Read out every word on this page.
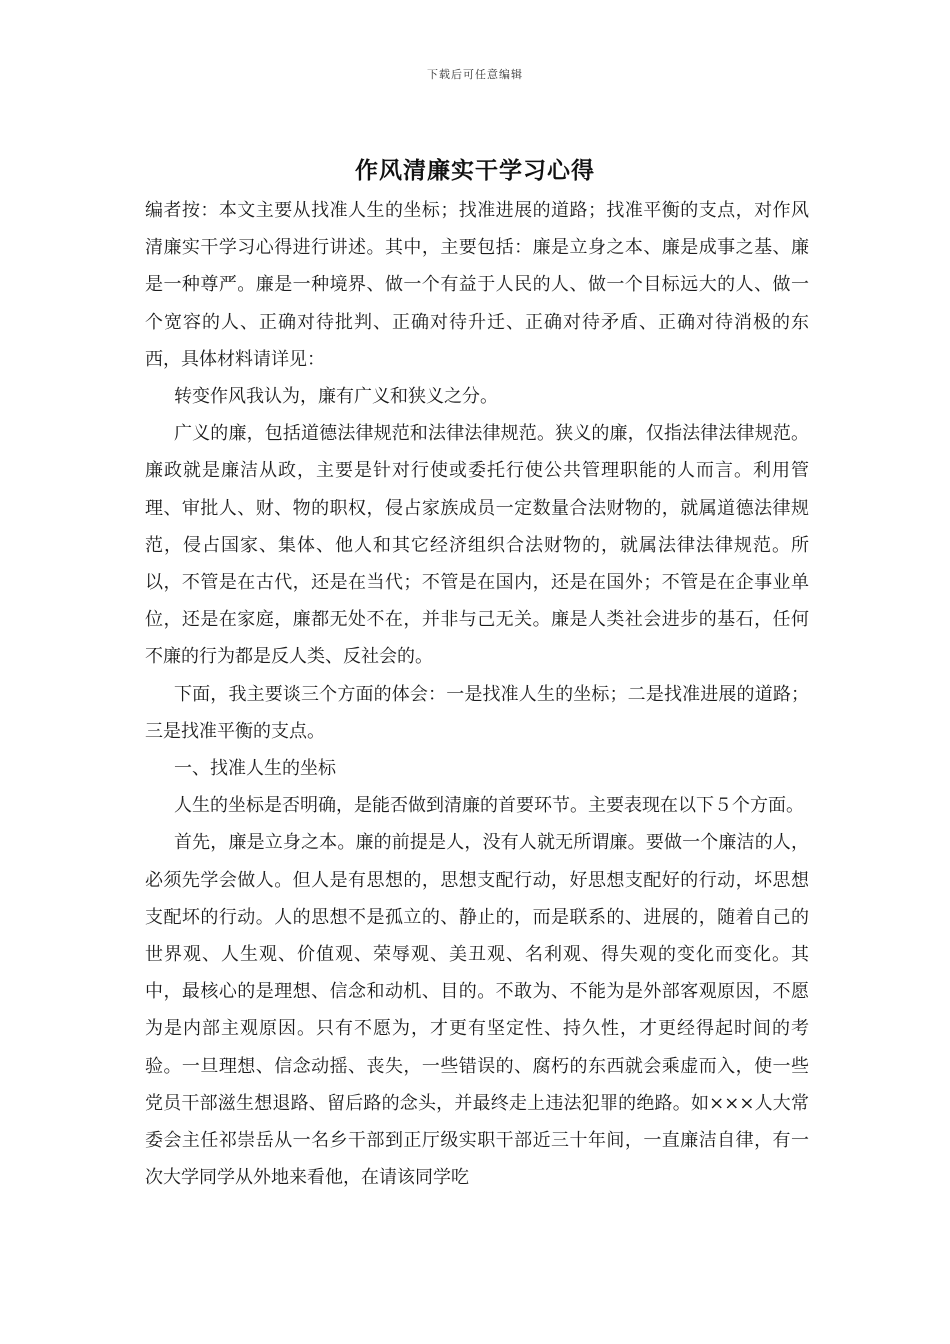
下载后可任意编辑
作风清廉实干学习心得

编者按：本文主要从找准人生的坐标；找准进展的道路；找准平衡的支点，对作风清廉实干学习心得进行讲述。其中，主要包括：廉是立身之本、廉是成事之基、廉是一种尊严。廉是一种境界、做一个有益于人民的人、做一个目标远大的人、做一个宽容的人、正确对待批判、正确对待升迁、正确对待矛盾、正确对待消极的东西，具体材料请详见：

转变作风我认为，廉有广义和狭义之分。

广义的廉，包括道德法律规范和法律法律规范。狭义的廉，仅指法律法律规范。廉政就是廉洁从政，主要是针对行使或委托行使公共管理职能的人而言。利用管理、审批人、财、物的职权，侵占家族成员一定数量合法财物的，就属道德法律规范，侵占国家、集体、他人和其它经济组织合法财物的，就属法律法律规范。所以，不管是在古代，还是在当代；不管是在国内，还是在国外；不管是在企事业单位，还是在家庭，廉都无处不在，并非与己无关。廉是人类社会进步的基石，任何不廉的行为都是反人类、反社会的。

下面，我主要谈三个方面的体会：一是找准人生的坐标；二是找准进展的道路；三是找准平衡的支点。

一、找准人生的坐标

人生的坐标是否明确，是能否做到清廉的首要环节。主要表现在以下５个方面。

首先，廉是立身之本。廉的前提是人，没有人就无所谓廉。要做一个廉洁的人，必须先学会做人。但人是有思想的，思想支配行动，好思想支配好的行动，坏思想支配坏的行动。人的思想不是孤立的、静止的，而是联系的、进展的，随着自己的世界观、人生观、价值观、荣辱观、美丑观、名利观、得失观的变化而变化。其中，最核心的是理想、信念和动机、目的。不敢为、不能为是外部客观原因，不愿为是内部主观原因。只有不愿为，才更有坚定性、持久性，才更经得起时间的考验。一旦理想、信念动摇、丧失，一些错误的、腐朽的东西就会乘虚而入，使一些党员干部滋生想退路、留后路的念头，并最终走上违法犯罪的绝路。如×××人大常委会主任祁崇岳从一名乡干部到正厅级实职干部近三十年间，一直廉洁自律，有一次大学同学从外地来看他，在请该同学吃
